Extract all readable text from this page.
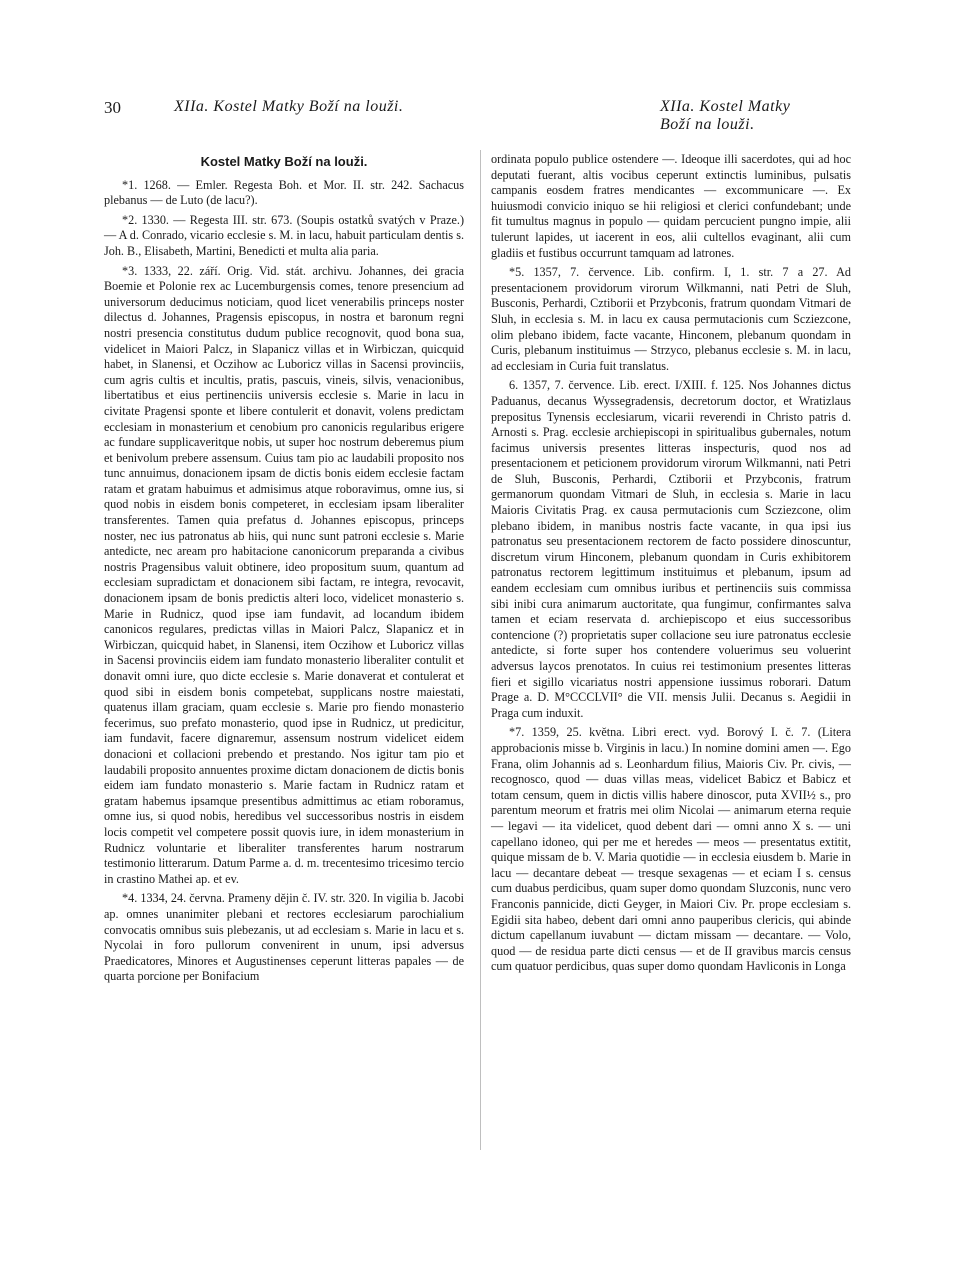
30	XIIa. Kostel Matky Boží na louži.	XIIa. Kostel Matky Boží na louži.
Kostel Matky Boží na louži.

*1. 1268. — Emler. Regesta Boh. et Mor. II. str. 242. Sachacus plebanus — de Luto (de lacu?).

*2. 1330. — Regesta III. str. 673. (Soupis ostatků svatých v Praze.) — A d. Conrado, vicario ecclesie s. M. in lacu, habuit particulam dentis s. Joh. B., Elisabeth, Martini, Benedicti et multa alia paria.

*3. 1333, 22. září. Orig. Vid. stát. archivu. Johannes, dei gracia Boemie et Polonie rex ac Lucemburgensis comes, tenore presencium ad universorum deducimus noticiam, quod licet venerabilis princeps noster dilectus d. Johannes, Pragensis episcopus, in nostra et baronum regni nostri presencia constitutus dudum publice recognovit, quod bona sua, videlicet in Maiori Palcz, in Slapanicz villas et in Wirbiczan, quicquid habet, in Slanensi, et Oczihow ac Luboricz villas in Sacensi provinciis, cum agris cultis et incultis, pratis, pascuis, vineis, silvis, venacionibus, libertatibus et eius pertinenciis universis ecclesie s. Marie in lacu in civitate Pragensi sponte et libere contulerit et donavit, volens predictam ecclesiam in monasterium et cenobium pro canonicis regularibus erigere ac fundare supplicaveritque nobis, ut super hoc nostrum deberemus pium et benivolum prebere assensum. Cuius tam pio ac laudabili proposito nos tunc annuimus, donacionem ipsam de dictis bonis eidem ecclesie factam ratam et gratam habuimus et admisimus atque roboravimus, omne ius, si quod nobis in eisdem bonis competeret, in ecclesiam ipsam liberaliter transferentes. Tamen quia prefatus d. Johannes episcopus, princeps noster, nec ius patronatus ab hiis, qui nunc sunt patroni ecclesie s. Marie antedicte, nec aream pro habitacione canonicorum preparanda a civibus nostris Pragensibus valuit obtinere, ideo propositum suum, quantum ad ecclesiam supradictam et donacionem sibi factam, re integra, revocavit, donacionem ipsam de bonis predictis alteri loco, videlicet monasterio s. Marie in Rudnicz, quod ipse iam fundavit, ad locandum ibidem canonicos regulares, predictas villas in Maiori Palcz, Slapanicz et in Wirbiczan, quicquid habet, in Slanensi, item Oczihow et Luboricz villas in Sacensi provinciis eidem iam fundato monasterio liberaliter contulit et donavit omni iure, quo dicte ecclesie s. Marie donaverat et contulerat et quod sibi in eisdem bonis competebat, supplicans nostre maiestati, quatenus illam graciam, quam ecclesie s. Marie pro fiendo monasterio fecerimus, suo prefato monasterio, quod ipse in Rudnicz, ut predicitur, iam fundavit, facere dignaremur, assensum nostrum videlicet eidem donacioni et collacioni prebendo et prestando. Nos igitur tam pio et laudabili proposito annuentes proxime dictam donacionem de dictis bonis eidem iam fundato monasterio s. Marie factam in Rudnicz ratam et gratam habemus ipsamque presentibus admittimus ac etiam roboramus, omne ius, si quod nobis, heredibus vel successoribus nostris in eisdem locis competit vel competere possit quovis iure, in idem monasterium in Rudnicz voluntarie et liberaliter transferentes harum nostrarum testimonio litterarum. Datum Parme a. d. m. trecentesimo tricesimo tercio in crastino Mathei ap. et ev.

*4. 1334, 24. června. Prameny dějin č. IV. str. 320. In vigilia b. Jacobi ap. omnes unanimiter plebani et rectores ecclesiarum parochialium convocatis omnibus suis plebezanis, ut ad ecclesiam s. Marie in lacu et s. Nycolai in foro pullorum convenirent in unum, ipsi adversus Praedicatores, Minores et Augustinenses ceperunt litteras papales — de quarta porcione per Bonifacium

ordinata populo publice ostendere —. Ideoque illi sacerdotes, qui ad hoc deputati fuerant, altis vocibus ceperunt extinctis luminibus, pulsatis campanis eosdem fratres mendicantes — excommunicare —. Ex huiusmodi convicio iniquo se hii religiosi et clerici confundebant; unde fit tumultus magnus in populo — quidam percucient pungno impie, alii tulerunt lapides, ut iacerent in eos, alii cultellos evaginant, alii cum gladiis et fustibus occurrunt tamquam ad latrones.

*5. 1357, 7. července. Lib. confirm. I, 1. str. 7 a 27. Ad presentacionem providorum virorum Wilkmanni, nati Petri de Sluh, Busconis, Perhardi, Cztiborii et Przybconis, fratrum quondam Vitmari de Sluh, in ecclesia s. M. in lacu ex causa permutacionis cum Scziezcone, olim plebano ibidem, facte vacante, Hinconem, plebanum quondam in Curis, plebanum instituimus — Strzyco, plebanus ecclesie s. M. in lacu, ad ecclesiam in Curia fuit translatus.

6. 1357, 7. července. Lib. erect. I/XIII. f. 125. Nos Johannes dictus Paduanus, decanus Wyssegradensis, decretorum doctor, et Wratizlaus prepositus Tynensis ecclesiarum, vicarii reverendi in Christo patris d. Arnosti s. Prag. ecclesie archiepiscopi in spiritualibus gubernales, notum facimus universis presentes litteras inspecturis, quod nos ad presentacionem et peticionem providorum virorum Wilkmanni, nati Petri de Sluh, Busconis, Perhardi, Cztiborii et Przybconis, fratrum germanorum quondam Vitmari de Sluh, in ecclesia s. Marie in lacu Maioris Civitatis Prag. ex causa permutacionis cum Scziezcone, olim plebano ibidem, in manibus nostris facte vacante, in qua ipsi ius patronatus seu presentacionem rectorem de facto possidere dinoscuntur, discretum virum Hinconem, plebanum quondam in Curis exhibitorem patronatus rectorem legittimum instituimus et plebanum, ipsum ad eandem ecclesiam cum omnibus iuribus et pertinenciis suis commissa sibi inibi cura animarum auctoritate, qua fungimur, confirmantes salva tamen et eciam reservata d. archiepiscopo et eius successoribus contencione (?) proprietatis super collacione seu iure patronatus ecclesie antedicte, si forte super hos contendere voluerimus seu voluerint adversus laycos prenotatos. In cuius rei testimonium presentes litteras fieri et sigillo vicariatus nostri appensione iussimus roborari. Datum Prage a. D. M°CCCLVII° die VII. mensis Julii. Decanus s. Aegidii in Praga cum induxit.

*7. 1359, 25. května. Libri erect. vyd. Borový I. č. 7. (Litera approbacionis misse b. Virginis in lacu.) In nomine domini amen —. Ego Frana, olim Johannis ad s. Leonhardum filius, Maioris Civ. Pr. civis, — recognosco, quod — duas villas meas, videlicet Babicz et Babicz et totam censum, quem in dictis villis habere dinoscor, puta XVII½ s., pro parentum meorum et fratris mei olim Nicolai — animarum eterna requie — legavi — ita videlicet, quod debent dari — omni anno X s. — uni capellano idoneo, qui per me et heredes — meos — presentatus extitit, quique missam de b. V. Maria quotidie — in ecclesia eiusdem b. Marie in lacu — decantare debeat — tresque sexagenas — et eciam I s. census cum duabus perdicibus, quam super domo quondam Sluzconis, nunc vero Franconis pannicide, dicti Geyger, in Maiori Civ. Pr. prope ecclesiam s. Egidii sita habeo, debent dari omni anno pauperibus clericis, qui abinde dictum capellanum iuvabunt — dictam missam — decantare. — Volo, quod — de residua parte dicti census — et de II gravibus marcis census cum quatuor perdicibus, quas super domo quondam Havliconis in Longa
